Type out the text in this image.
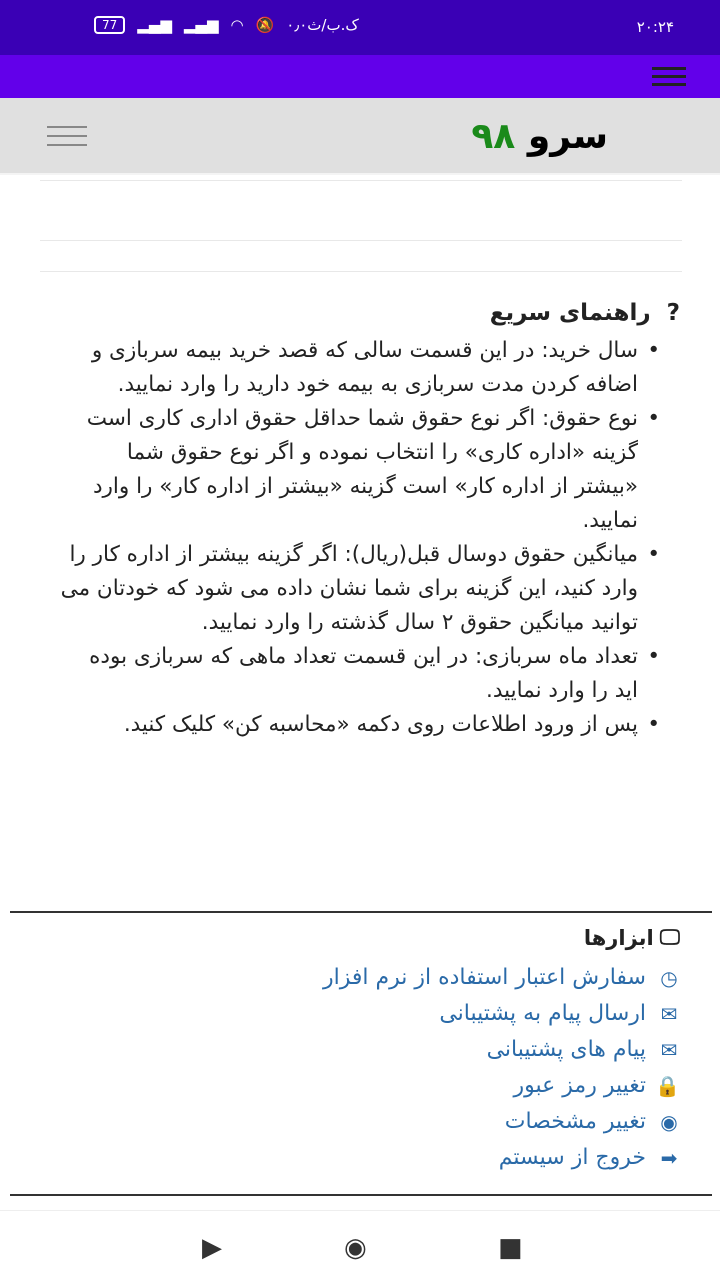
77	▂▄▆ ▂▄▆ ◠ 🔕 ۰٫۰ک.ب/ث	۲۰:۲۴
سرو ۹۸
?  راهنمای سریع
• سال خرید: در این قسمت سالی که قصد خرید بیمه سربازی و اضافه کردن مدت سربازی به بیمه خود دارید را وارد نمایید.
• نوع حقوق: اگر نوع حقوق شما حداقل حقوق اداری کاری است گزینه «اداره کاری» را انتخاب نموده و اگر نوع حقوق شما «بیشتر از اداره کار» است گزینه «بیشتر از اداره کار» را وارد نمایید.
• میانگین حقوق دوسال قبل(ریال): اگر گزینه بیشتر از اداره کار را وارد کنید، این گزینه برای شما نشان داده می شود که خودتان می توانید میانگین حقوق ۲ سال گذشته را وارد نمایید.
• تعداد ماه سربازی: در این قسمت تعداد ماهی که سربازی بوده اید را وارد نمایید.
• پس از ورود اطلاعات روی دکمه «محاسبه کن» کلیک کنید.
🖵
ابزارها
◷
سفارش اعتبار استفاده از نرم افزار
✉
ارسال پیام به پشتیبانی
✉
پیام های پشتیبانی
🔒
تغییر رمز عبور
◉
تغییر مشخصات
➡
خروج از سیستم
▶	◉	■
